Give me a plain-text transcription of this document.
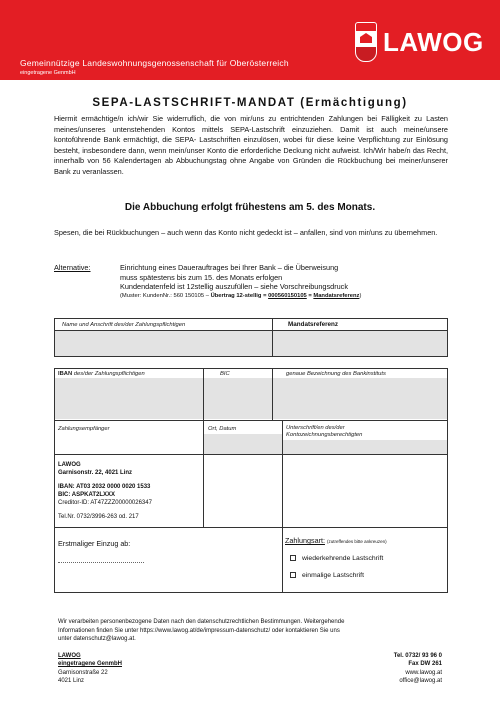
LAWOG
Gemeinnützige Landeswohnungsgenossenschaft für Oberösterreich
eingetragene GenmbH
SEPA-LASTSCHRIFT-MANDAT (Ermächtigung)
Hiermit ermächtige/n ich/wir Sie widerruflich, die von mir/uns zu entrichtenden Zahlungen bei Fälligkeit zu Lasten meines/unseres untenstehenden Kontos mittels SEPA-Lastschrift einzuziehen. Damit ist auch meine/unsere kontoführende Bank ermächtigt, die SEPA- Lastschriften einzulösen, wobei für diese keine Verpflichtung zur Einlösung besteht, insbesondere dann, wenn mein/unser Konto die erforderliche Deckung nicht aufweist. Ich/Wir habe/n das Recht, innerhalb von 56 Kalendertagen ab Abbuchungstag ohne Angabe von Gründen die Rückbuchung bei meiner/unserer Bank zu veranlassen.
Die Abbuchung erfolgt frühestens am 5. des Monats.
Spesen, die bei Rückbuchungen – auch wenn das Konto nicht gedeckt ist – anfallen, sind von mir/uns zu übernehmen.
Alternative:	Einrichtung eines Dauerauftrages bei Ihrer Bank – die Überweisung
muss spätestens bis zum 15. des Monats erfolgen
Kundendatenfeld ist 12stellig auszufüllen – siehe Vorschreibungsdruck
(Muster: KundenNr.: 560 150105 – Übertrag 12-stellig = 000560150105 = Mandatsreferenz)
Name und Anschrift des/der Zahlungspflichtigen	Mandatsreferenz
IBAN des/der Zahlungspflichtigen	BIC	genaue Bezeichnung des Bankinstituts
Zahlungsempfänger	Ort, Datum	Unterschrift/en des/der
Kontozeichnungsberechtigten
LAWOG
Garnisonstr. 22, 4021 Linz
IBAN: AT03 2032 0000 0020 1533
BIC: ASPKAT2LXXX
Creditor-ID: AT47ZZZ00000026347
Tel.Nr. 0732/3996-263 od. 217
Erstmaliger Einzug ab:	Zahlungsart: (zutreffendes bitte ankreuzen)
wiederkehrende Lastschrift
einmalige Lastschrift
Wir verarbeiten personenbezogene Daten nach den datenschutzrechtlichen Bestimmungen. Weitergehende
Informationen finden Sie unter https://www.lawog.at/de/impressum-datenschutz/ oder kontaktieren Sie uns
unter datenschutz@lawog.at.
LAWOG
eingetragene GenmbH
Garnisonstraße 22
4021 Linz
Tel. 0732/ 93 96 0
Fax DW 261
www.lawog.at
office@lawog.at
